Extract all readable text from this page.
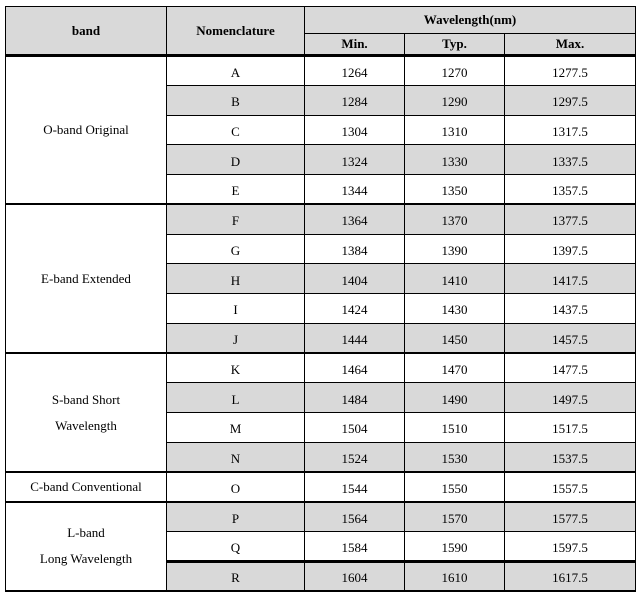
band	Nomenclature	Wavelength(nm)		
		Min.	Typ.	Max.

O-band Original	A	1264	1270	1277.5
	B	1284	1290	1297.5
	C	1304	1310	1317.5
	D	1324	1330	1337.5
	E	1344	1350	1357.5

E-band Extended	F	1364	1370	1377.5
	G	1384	1390	1397.5
	H	1404	1410	1417.5
	I	1424	1430	1437.5
	J	1444	1450	1457.5

S-band Short
Wavelength	K	1464	1470	1477.5
	L	1484	1490	1497.5
	M	1504	1510	1517.5
	N	1524	1530	1537.5

C-band Conventional	O	1544	1550	1557.5

L-band
Long Wavelength	P	1564	1570	1577.5
	Q	1584	1590	1597.5
	R	1604	1610	1617.5
